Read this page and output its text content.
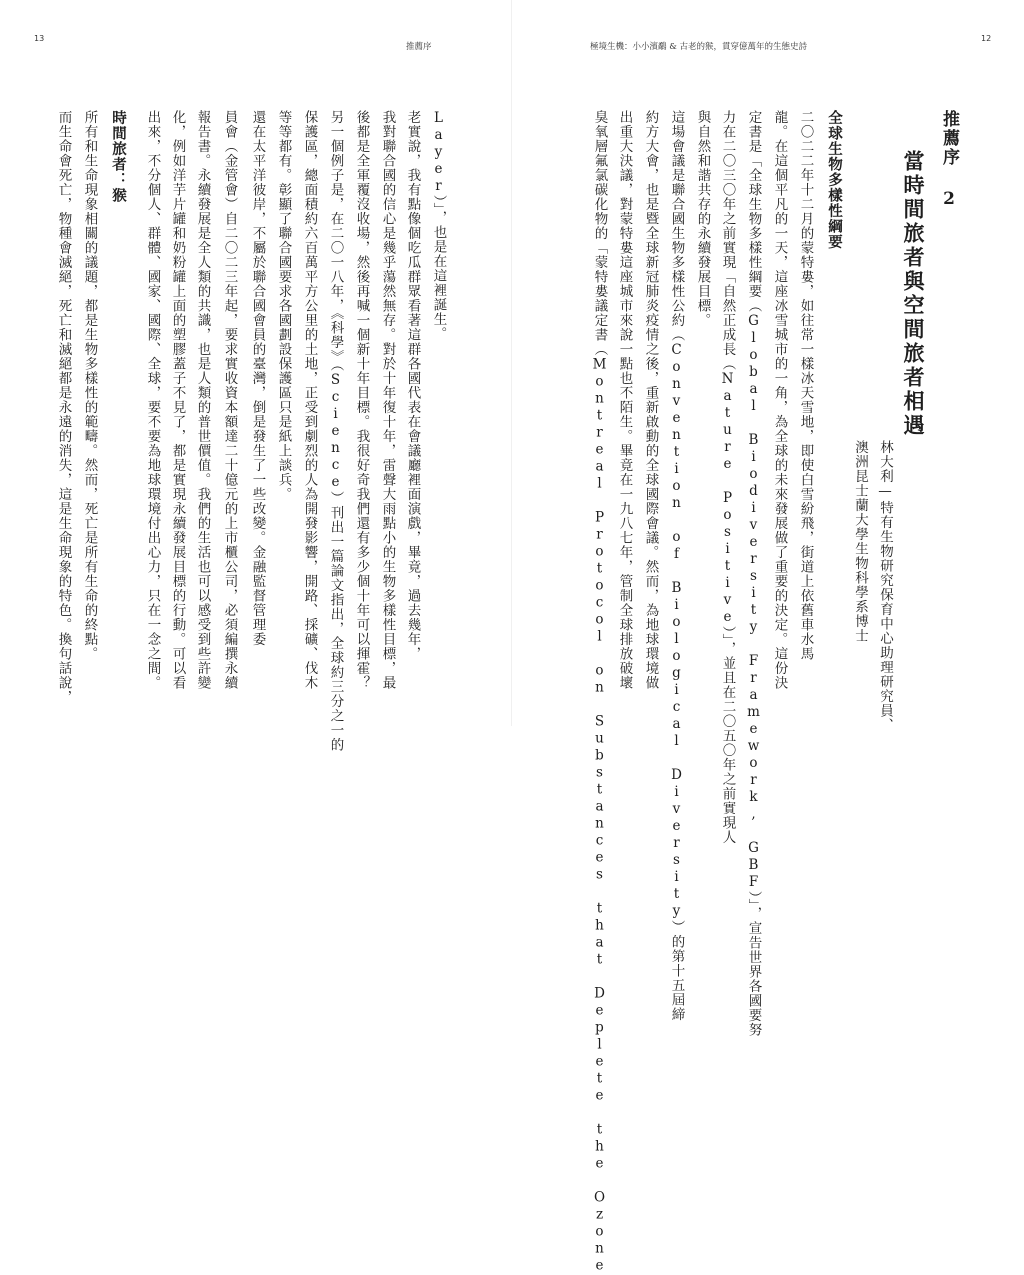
13
推薦序
而生命會死亡，物種會滅絕，死亡和滅絕都是永遠的消失，這是生命現象的特色。換句話說， 所有和生命現象相關的議題，都是生物多樣性的範疇。然而，死亡是所有生命的終點。 時間旅者：猴 出來，不分個人、群體、國家、國際、全球，要不要為地球環境付出心力，只在一念之間。 化，例如洋芋片罐和奶粉罐上面的塑膠蓋子不見了，都是實現永續發展目標的行動。可以看 報告書。永續發展是全人類的共識，也是人類的普世價值。我們的生活也可以感受到些許變 員會（金管會）自二〇二三年起，要求實收資本額達二十億元的上市櫃公司，必須編撰永續 還在太平洋彼岸，不屬於聯合國會員的臺灣，倒是發生了一些改變。金融監督管理委 等等都有。彰顯了聯合國要求各國劃設保護區只是紙上談兵。 保護區，總面積約六百萬平方公里的土地，正受到劇烈的人為開發影響，開路、採礦、伐木 另一個例子是，在二〇一八年，《科學》（Science）刊出一篇論文指出，全球約三分之一的 後都是全軍覆沒收場，然後再喊一個新十年目標。我很好奇我們還有多少個十年可以揮霍？ 我對聯合國的信心是幾乎蕩然無存。對於十年復十年，雷聲大雨點小的生物多樣性目標，最 老實說，我有點像個吃瓜群眾看著這群各國代表在會議廳裡面演戲，畢竟，過去幾年， Layer）」，也是在這裡誕生。
極境生機：小小濱鷸 & 古老的猴，貫穿億萬年的生態史詩
12
臭氧層氟氯碳化物的「蒙特婁議定書（Montreal Protocol on Substances that Deplete the Ozone 出重大決議，對蒙特婁這座城市來說一點也不陌生。畢竟在一九八七年，管制全球排放破壞 約方大會，也是暨全球新冠肺炎疫情之後，重新啟動的全球國際會議。然而，為地球環境做 這場會議是聯合國生物多樣性公約（Convention of Biological Diversity）的第十五屆締 與自然和諧共存的永續發展目標。 力在二〇三〇年之前實現「自然正成長（Nature Positive）」，並且在二〇五〇年之前實現人 定書是「全球生物多樣性綱要（Global Biodiversity Framework, GBF）」，宣告世界各國要努 龍。在這個平凡的一天，這座冰雪城市的一角，為全球的未來發展做了重要的決定。這份決 二〇二二年十二月的蒙特婁，如往常一樣冰天雪地，即使白雪紛飛，街道上依舊車水馬 全球生物多樣性綱要
澳洲昆士蘭大學生物科學系博士 林大利—特有生物研究保育中心助理研究員、
當時間旅者與空間旅者相遇 推薦序 2
